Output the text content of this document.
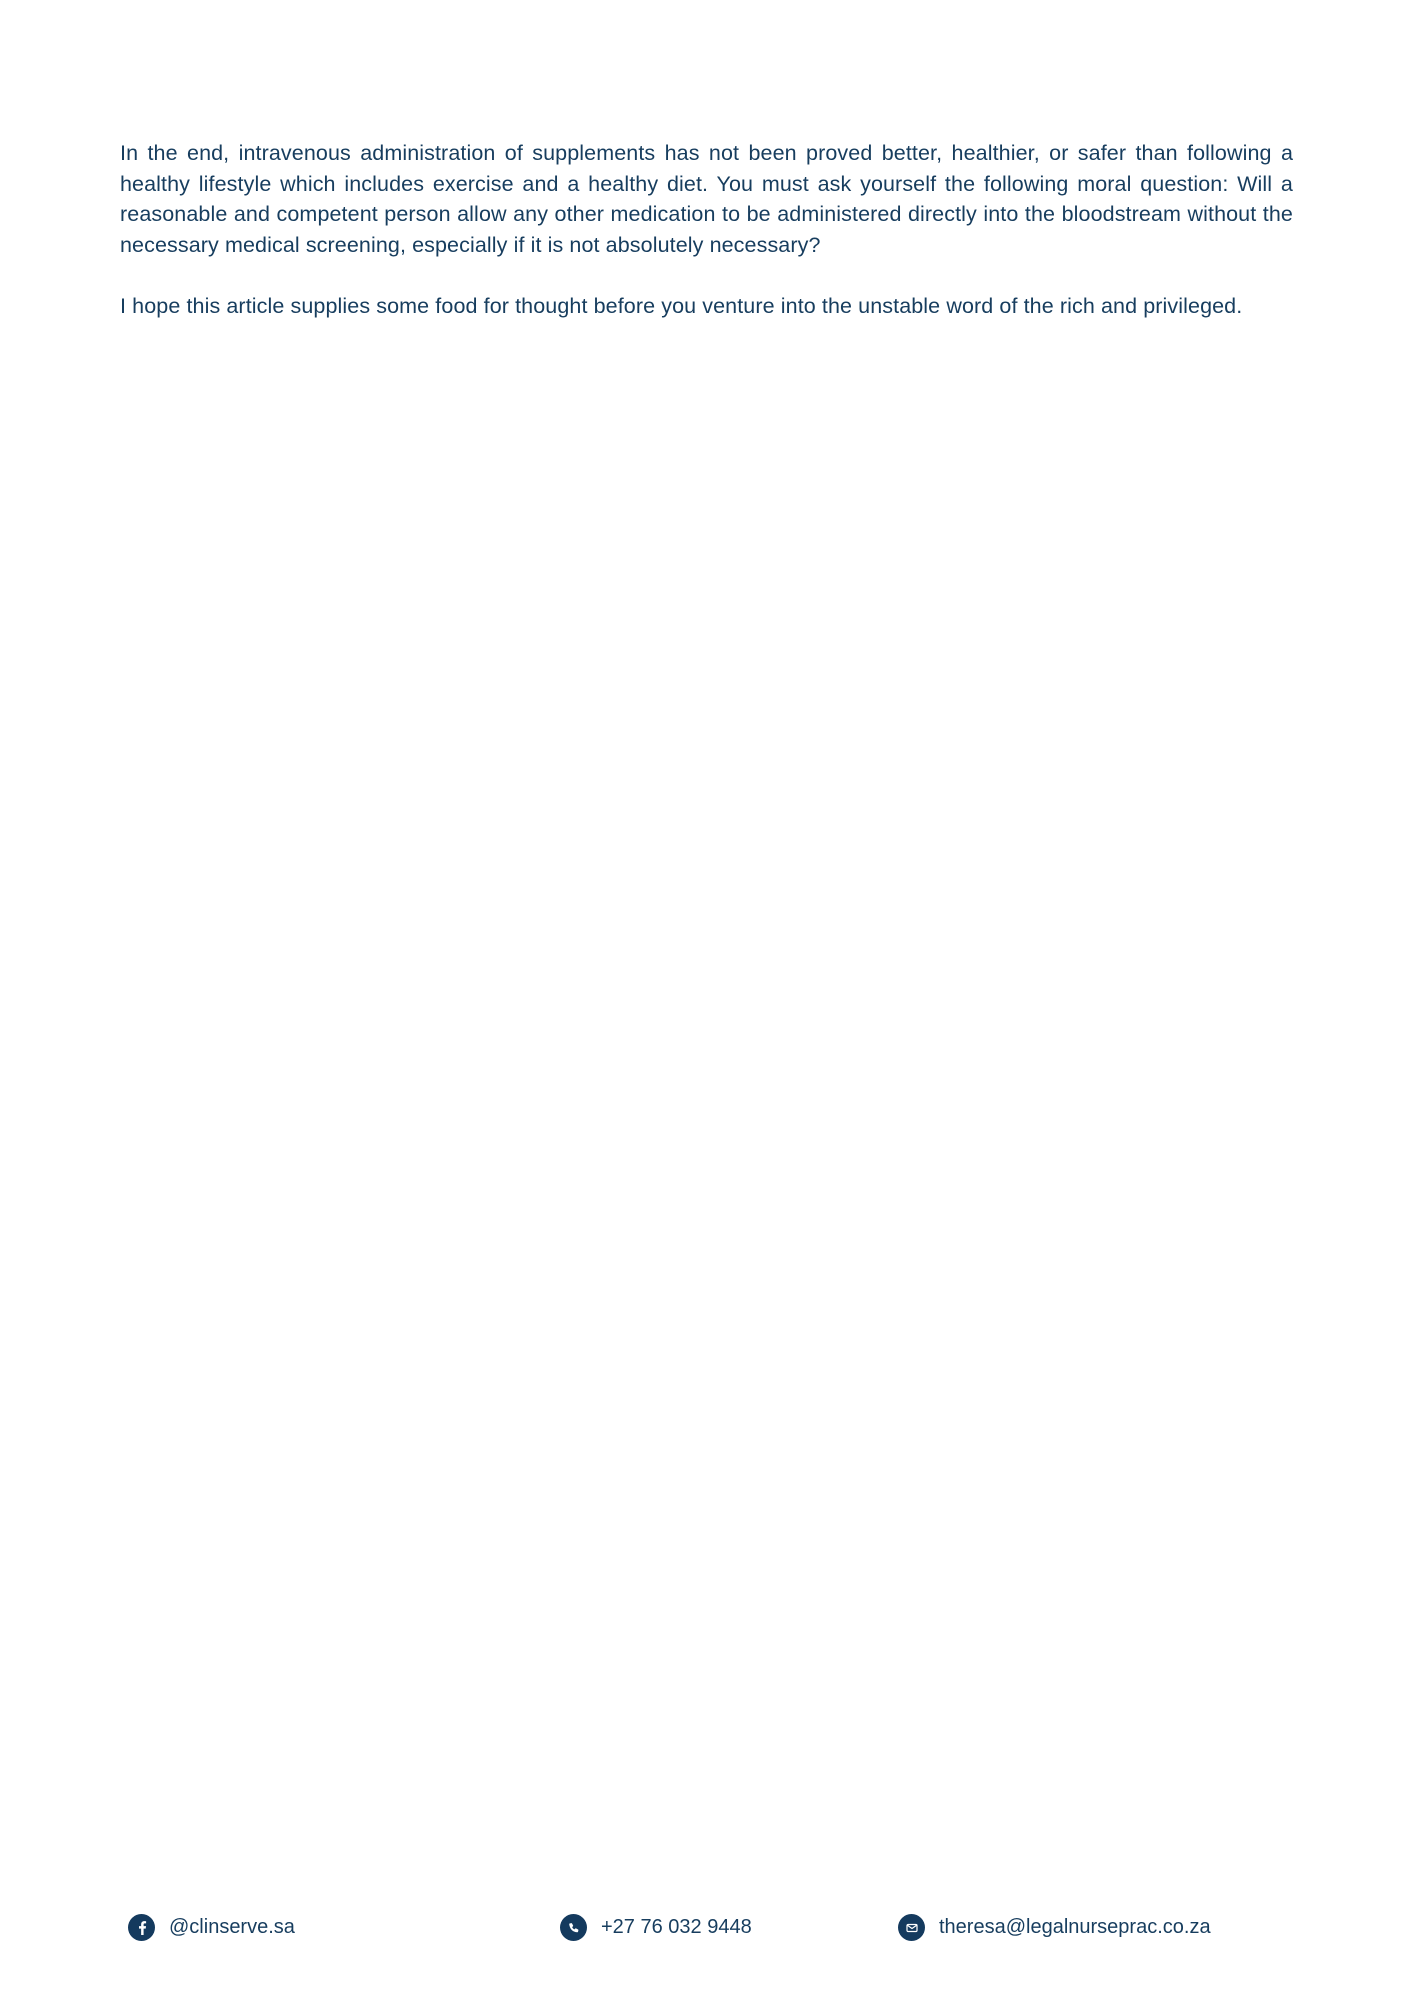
In the end, intravenous administration of supplements has not been proved better, healthier, or safer than following a healthy lifestyle which includes exercise and a healthy diet. You must ask yourself the following moral question: Will a reasonable and competent person allow any other medication to be administered directly into the bloodstream without the necessary medical screening, especially if it is not absolutely necessary?

I hope this article supplies some food for thought before you venture into the unstable word of the rich and privileged.

@clinserve.sa	+27 76 032 9448	theresa@legalnurseprac.co.za
